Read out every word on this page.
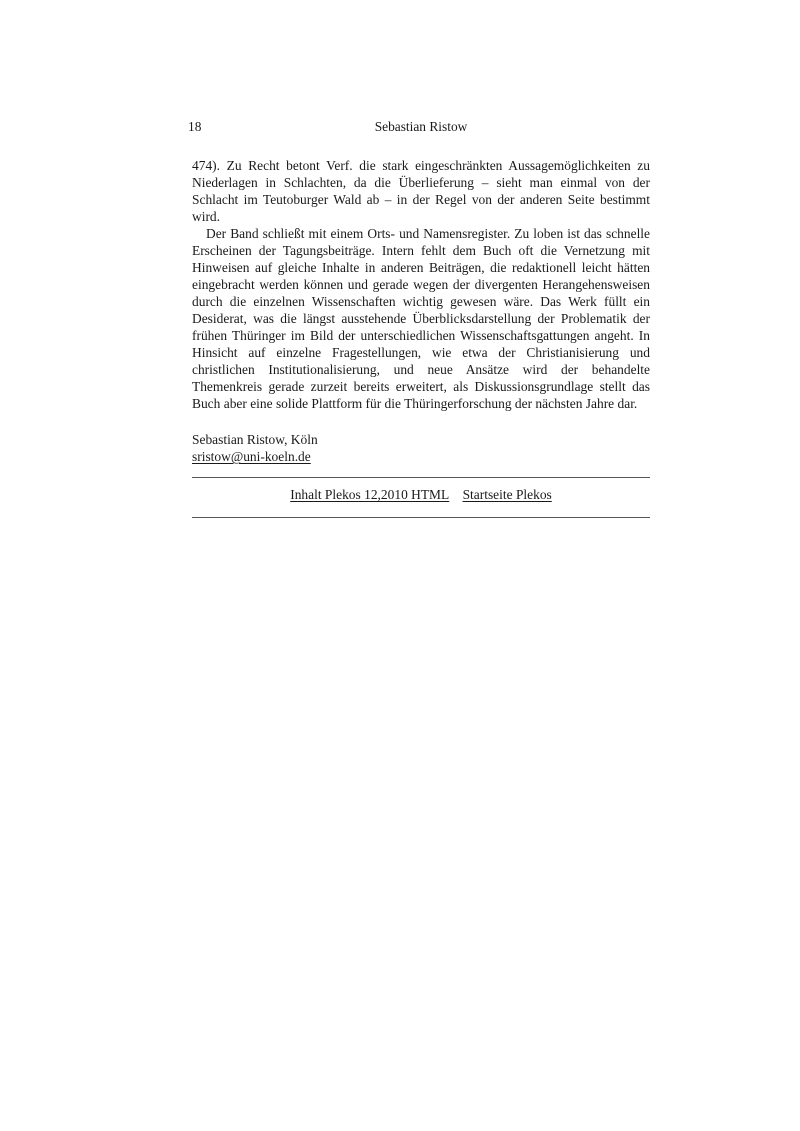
18	Sebastian Ristow

474). Zu Recht betont Verf. die stark eingeschränkten Aussagemöglichkeiten zu Niederlagen in Schlachten, da die Überlieferung – sieht man einmal von der Schlacht im Teutoburger Wald ab – in der Regel von der anderen Seite bestimmt wird.

Der Band schließt mit einem Orts- und Namensregister. Zu loben ist das schnelle Erscheinen der Tagungsbeiträge. Intern fehlt dem Buch oft die Vernetzung mit Hinweisen auf gleiche Inhalte in anderen Beiträgen, die redaktionell leicht hätten eingebracht werden können und gerade wegen der divergenten Herangehensweisen durch die einzelnen Wissenschaften wichtig gewesen wäre. Das Werk füllt ein Desiderat, was die längst ausstehende Überblicksdarstellung der Problematik der frühen Thüringer im Bild der unterschiedlichen Wissenschaftsgattungen angeht. In Hinsicht auf einzelne Fragestellungen, wie etwa der Christianisierung und christlichen Institutionalisierung, und neue Ansätze wird der behandelte Themenkreis gerade zurzeit bereits erweitert, als Diskussionsgrundlage stellt das Buch aber eine solide Plattform für die Thüringerforschung der nächsten Jahre dar.

Sebastian Ristow, Köln
sristow@uni-koeln.de
Inhalt Plekos 12,2010 HTML Startseite Plekos
